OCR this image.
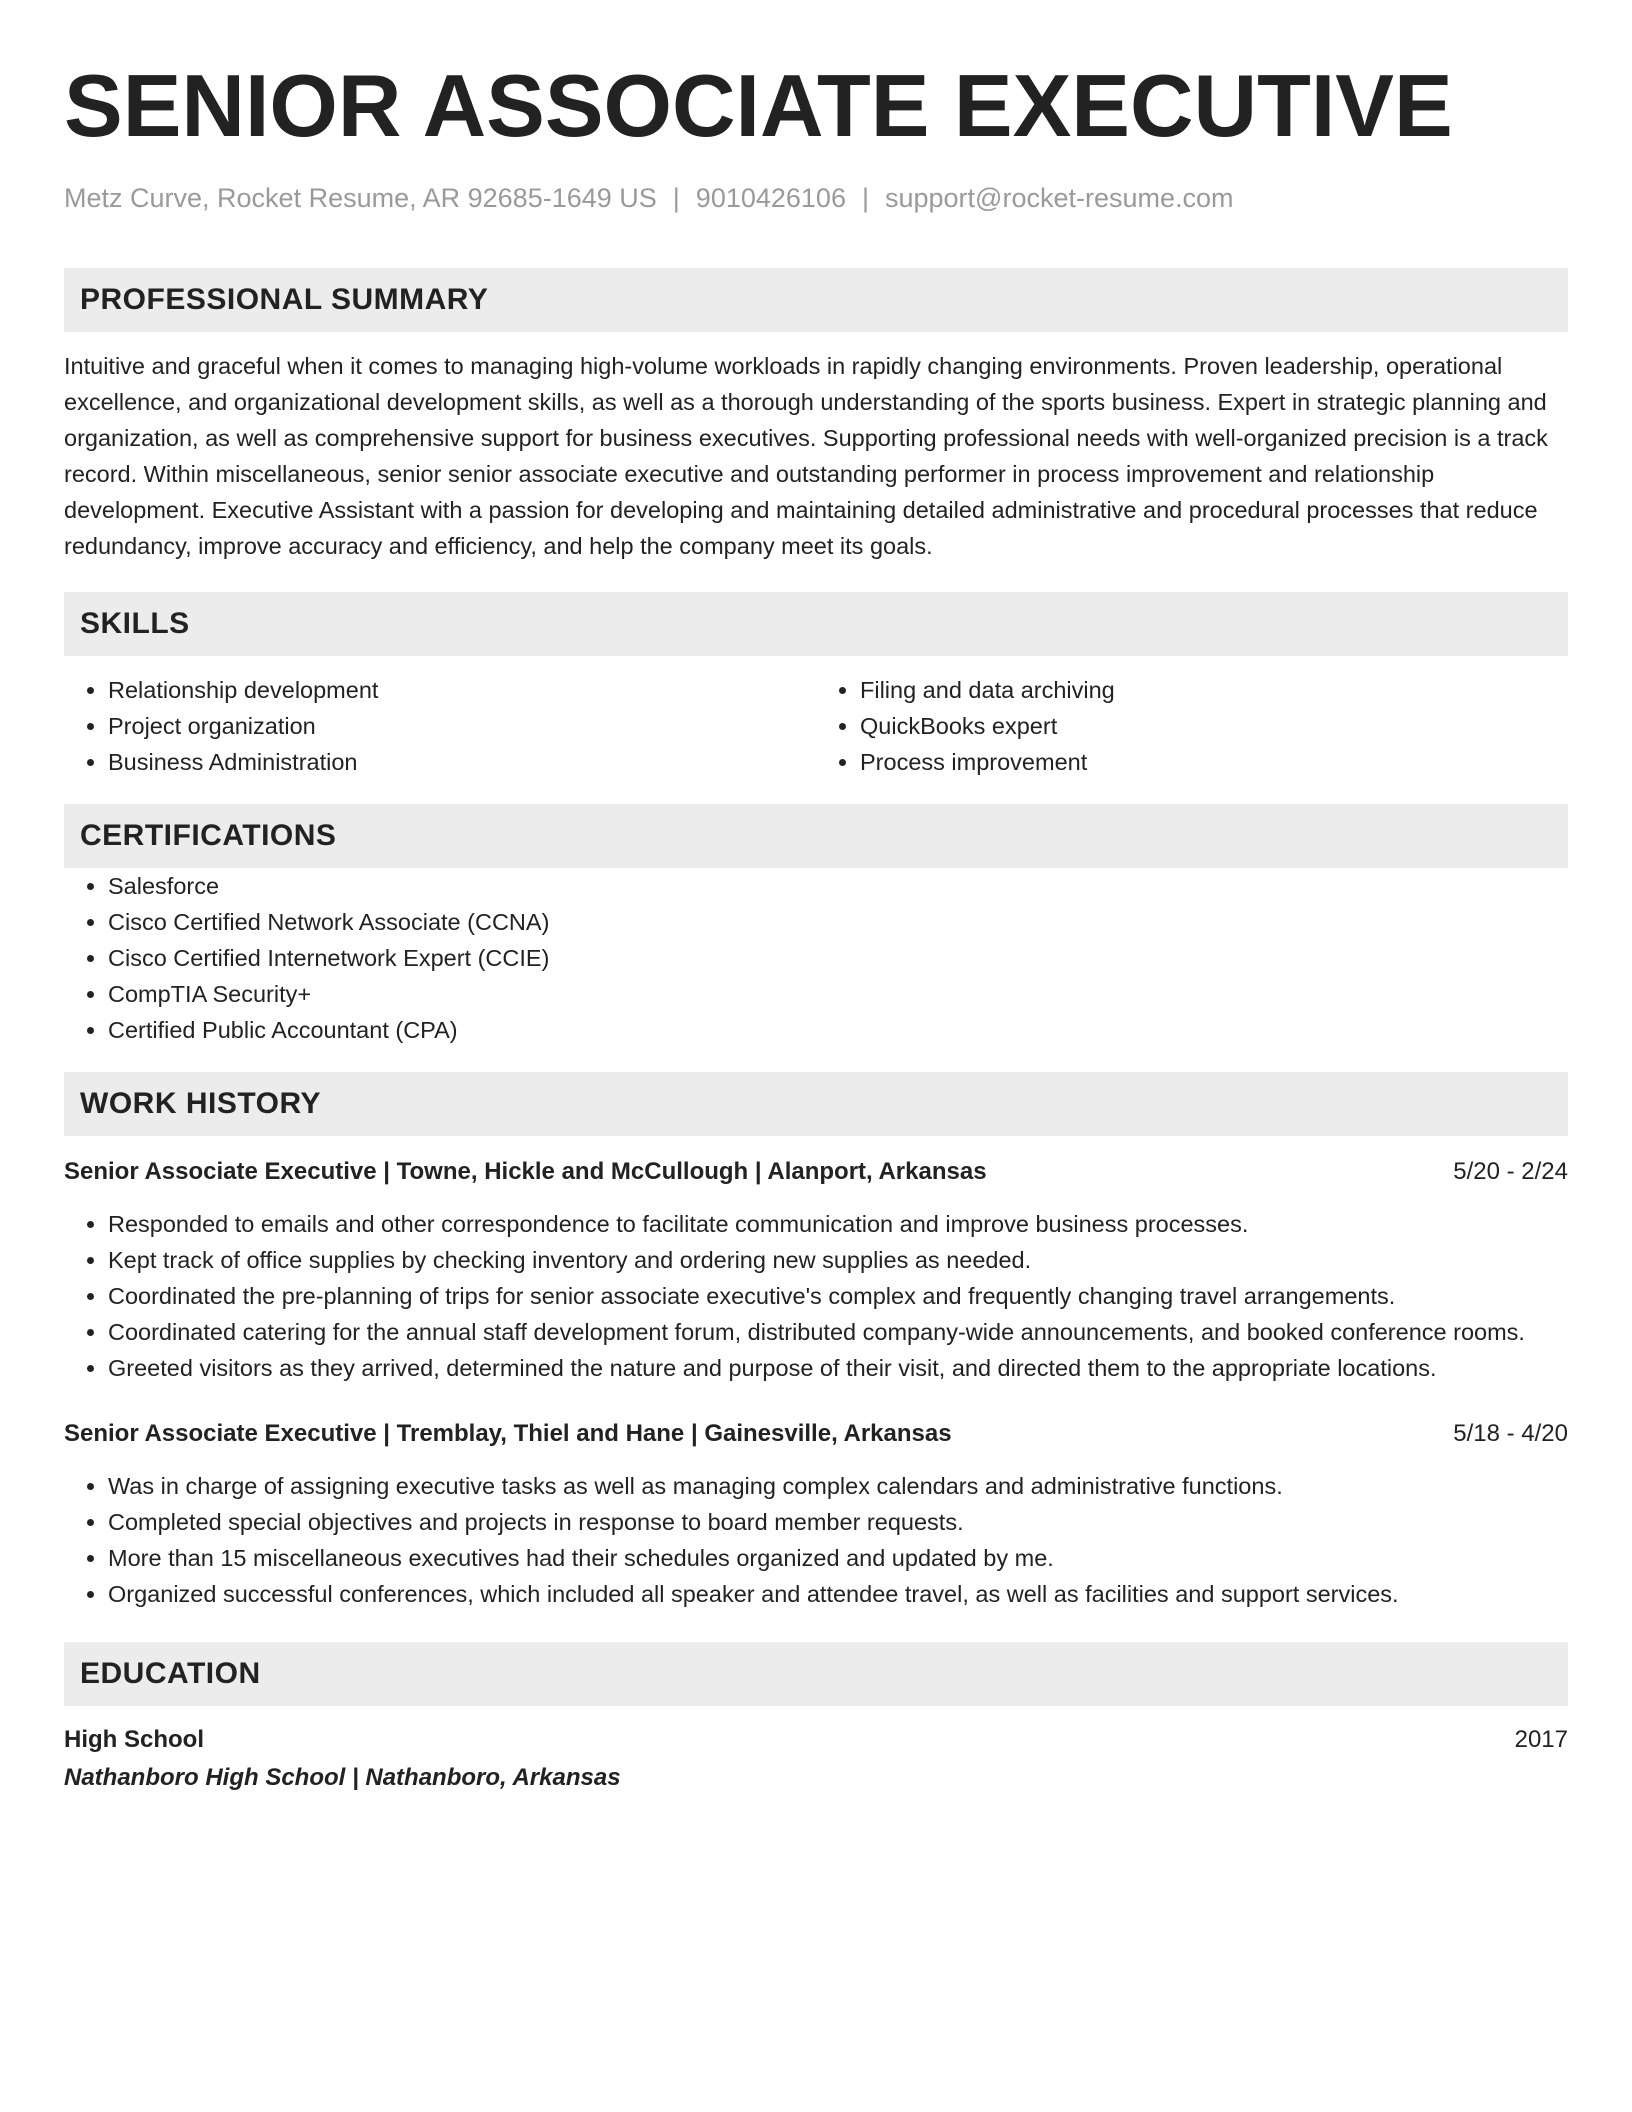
SENIOR ASSOCIATE EXECUTIVE
Metz Curve, Rocket Resume, AR 92685-1649 US | 9010426106 | support@rocket-resume.com
PROFESSIONAL SUMMARY

Intuitive and graceful when it comes to managing high-volume workloads in rapidly changing environments. Proven leadership, operational excellence, and organizational development skills, as well as a thorough understanding of the sports business. Expert in strategic planning and organization, as well as comprehensive support for business executives. Supporting professional needs with well-organized precision is a track record. Within miscellaneous, senior senior associate executive and outstanding performer in process improvement and relationship development. Executive Assistant with a passion for developing and maintaining detailed administrative and procedural processes that reduce redundancy, improve accuracy and efficiency, and help the company meet its goals.

SKILLS
• Relationship development
• Project organization
• Business Administration
• Filing and data archiving
• QuickBooks expert
• Process improvement
CERTIFICATIONS
• Salesforce
• Cisco Certified Network Associate (CCNA)
• Cisco Certified Internetwork Expert (CCIE)
• CompTIA Security+
• Certified Public Accountant (CPA)
WORK HISTORY
Senior Associate Executive | Towne, Hickle and McCullough | Alanport, Arkansas	5/20 - 2/24
• Responded to emails and other correspondence to facilitate communication and improve business processes.
• Kept track of office supplies by checking inventory and ordering new supplies as needed.
• Coordinated the pre-planning of trips for senior associate executive's complex and frequently changing travel arrangements.
• Coordinated catering for the annual staff development forum, distributed company-wide announcements, and booked conference rooms.
• Greeted visitors as they arrived, determined the nature and purpose of their visit, and directed them to the appropriate locations.
Senior Associate Executive | Tremblay, Thiel and Hane | Gainesville, Arkansas	5/18 - 4/20
• Was in charge of assigning executive tasks as well as managing complex calendars and administrative functions.
• Completed special objectives and projects in response to board member requests.
• More than 15 miscellaneous executives had their schedules organized and updated by me.
• Organized successful conferences, which included all speaker and attendee travel, as well as facilities and support services.
EDUCATION
High School	2017
Nathanboro High School | Nathanboro, Arkansas
